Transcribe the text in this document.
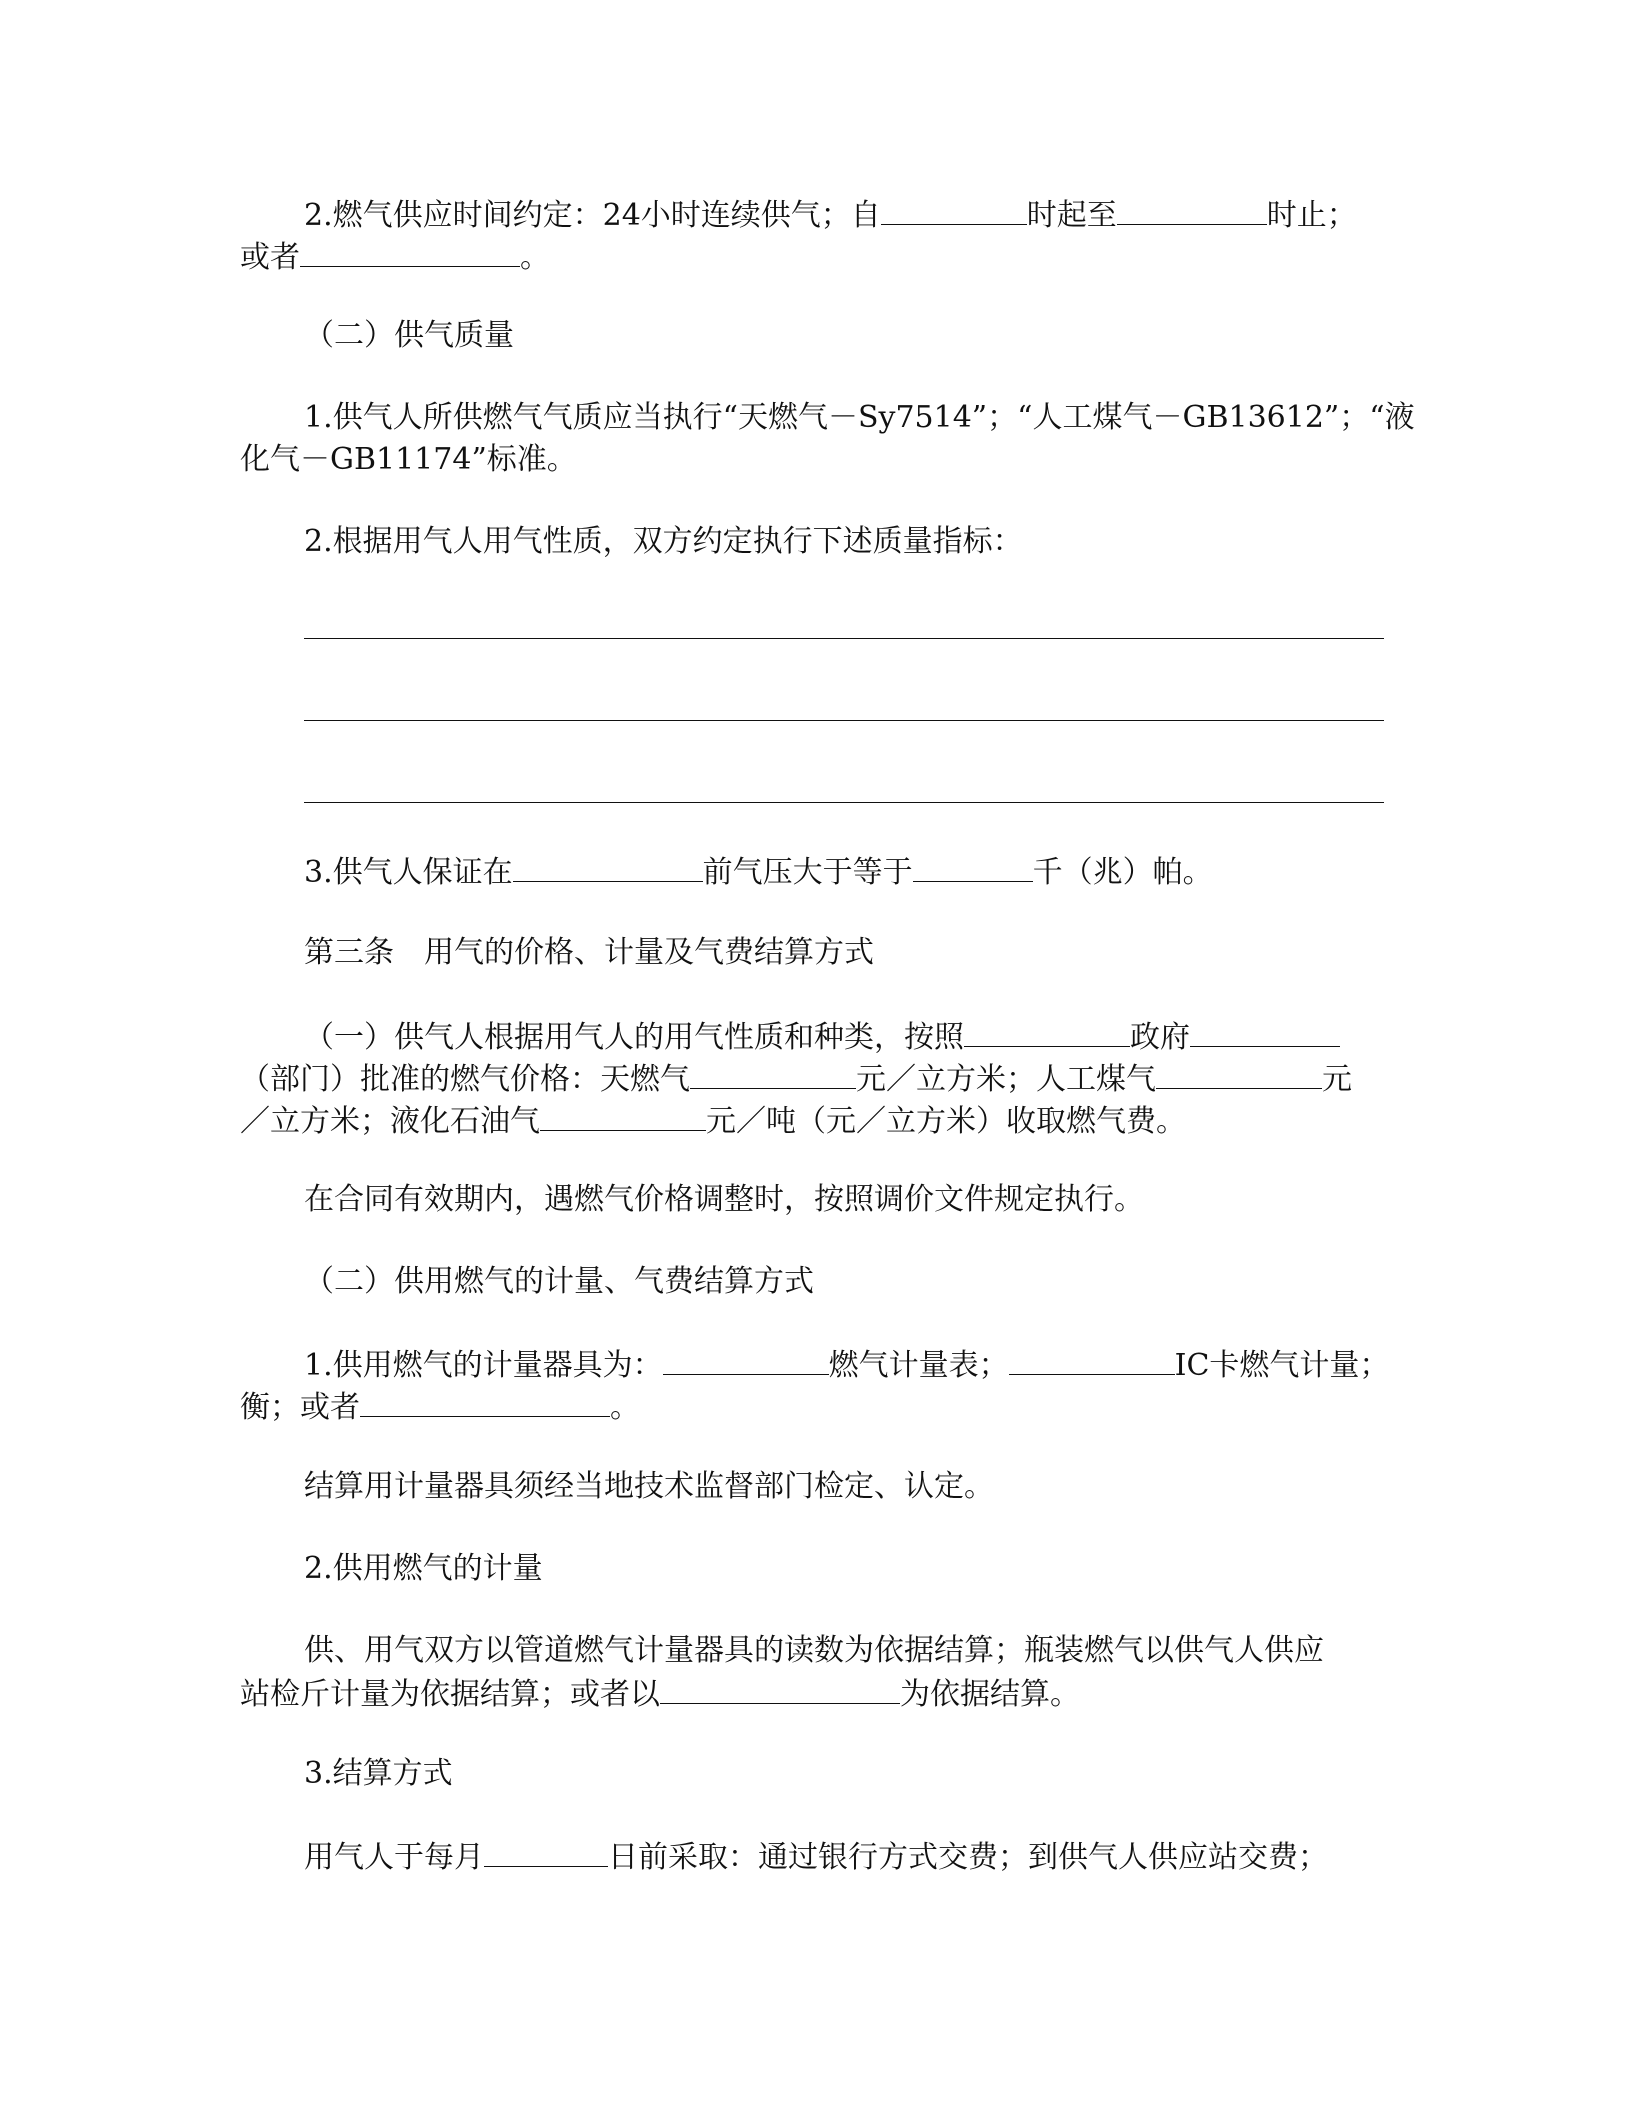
2.燃气供应时间约定：24小时连续供气；自	时起至	时止；
或者	。
（二）供气质量
1.供气人所供燃气气质应当执行“天燃气－Sy7514”；“人工煤气－GB13612”；“液
化气－GB11174”标准。
2.根据用气人用气性质，双方约定执行下述质量指标：
3.供气人保证在	前气压大于等于	千（兆）帕。
第三条 用气的价格、计量及气费结算方式
（一）供气人根据用气人的用气性质和种类，按照	政府
（部门）批准的燃气价格：天燃气	元／立方米；人工煤气	元
／立方米；液化石油气	元／吨（元／立方米）收取燃气费。
在合同有效期内，遇燃气价格调整时，按照调价文件规定执行。
（二）供用燃气的计量、气费结算方式
1.供用燃气的计量器具为：	燃气计量表；	IC卡燃气计量；
衡；或者	。
结算用计量器具须经当地技术监督部门检定、认定。
2.供用燃气的计量
供、用气双方以管道燃气计量器具的读数为依据结算；瓶装燃气以供气人供应
站检斤计量为依据结算；或者以	为依据结算。
3.结算方式
用气人于每月	日前采取：通过银行方式交费；到供气人供应站交费；
